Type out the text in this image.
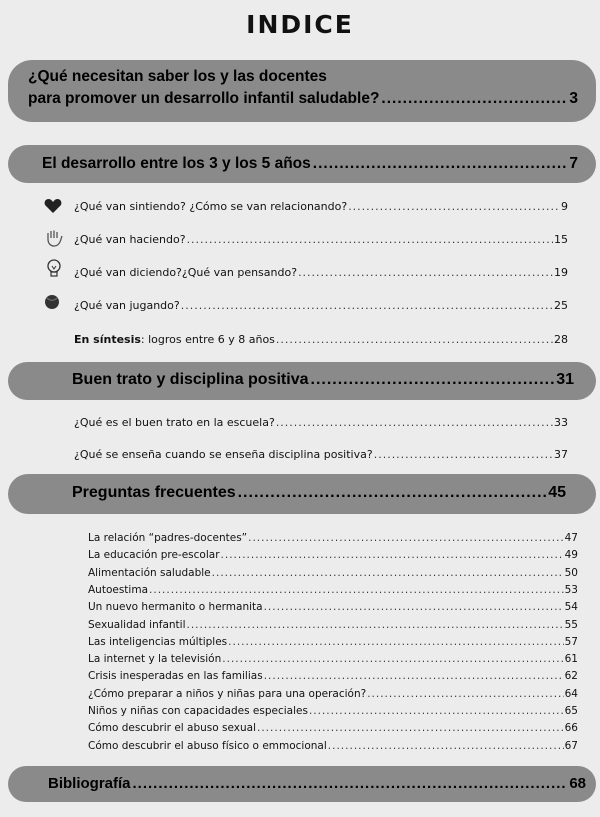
INDICE
¿Qué necesitan saber los y las docentes
para promover un desarrollo infantil saludable? .....	3
El desarrollo entre los 3 y los 5 años .....	7
¿Qué van sintiendo? ¿Cómo se van relacionando? .....	9
¿Qué van haciendo? .....	15
¿Qué van diciendo?¿Qué van pensando? .....	19
¿Qué van jugando? .....	25
En síntesis: logros entre 6 y 8 años .....	28
Buen trato y disciplina positiva .....	31
¿Qué es el buen trato en la escuela? .....	33
¿Qué se enseña cuando se enseña disciplina positiva? .....	37
Preguntas frecuentes .....	45
La relación “padres-docentes” .....	47
La educación pre-escolar .....	49
Alimentación saludable .....	50
Autoestima .....	53
Un nuevo hermanito o hermanita .....	54
Sexualidad infantil .....	55
Las inteligencias múltiples .....	57
La internet y la televisión .....	61
Crisis inesperadas en las familias .....	62
¿Cómo preparar a niños y niñas para una operación? .....	64
Niños y niñas con capacidades especiales .....	65
Cómo descubrir el abuso sexual .....	66
Cómo descubrir el abuso físico o emmocional .....	67
Bibliografía .....	68
